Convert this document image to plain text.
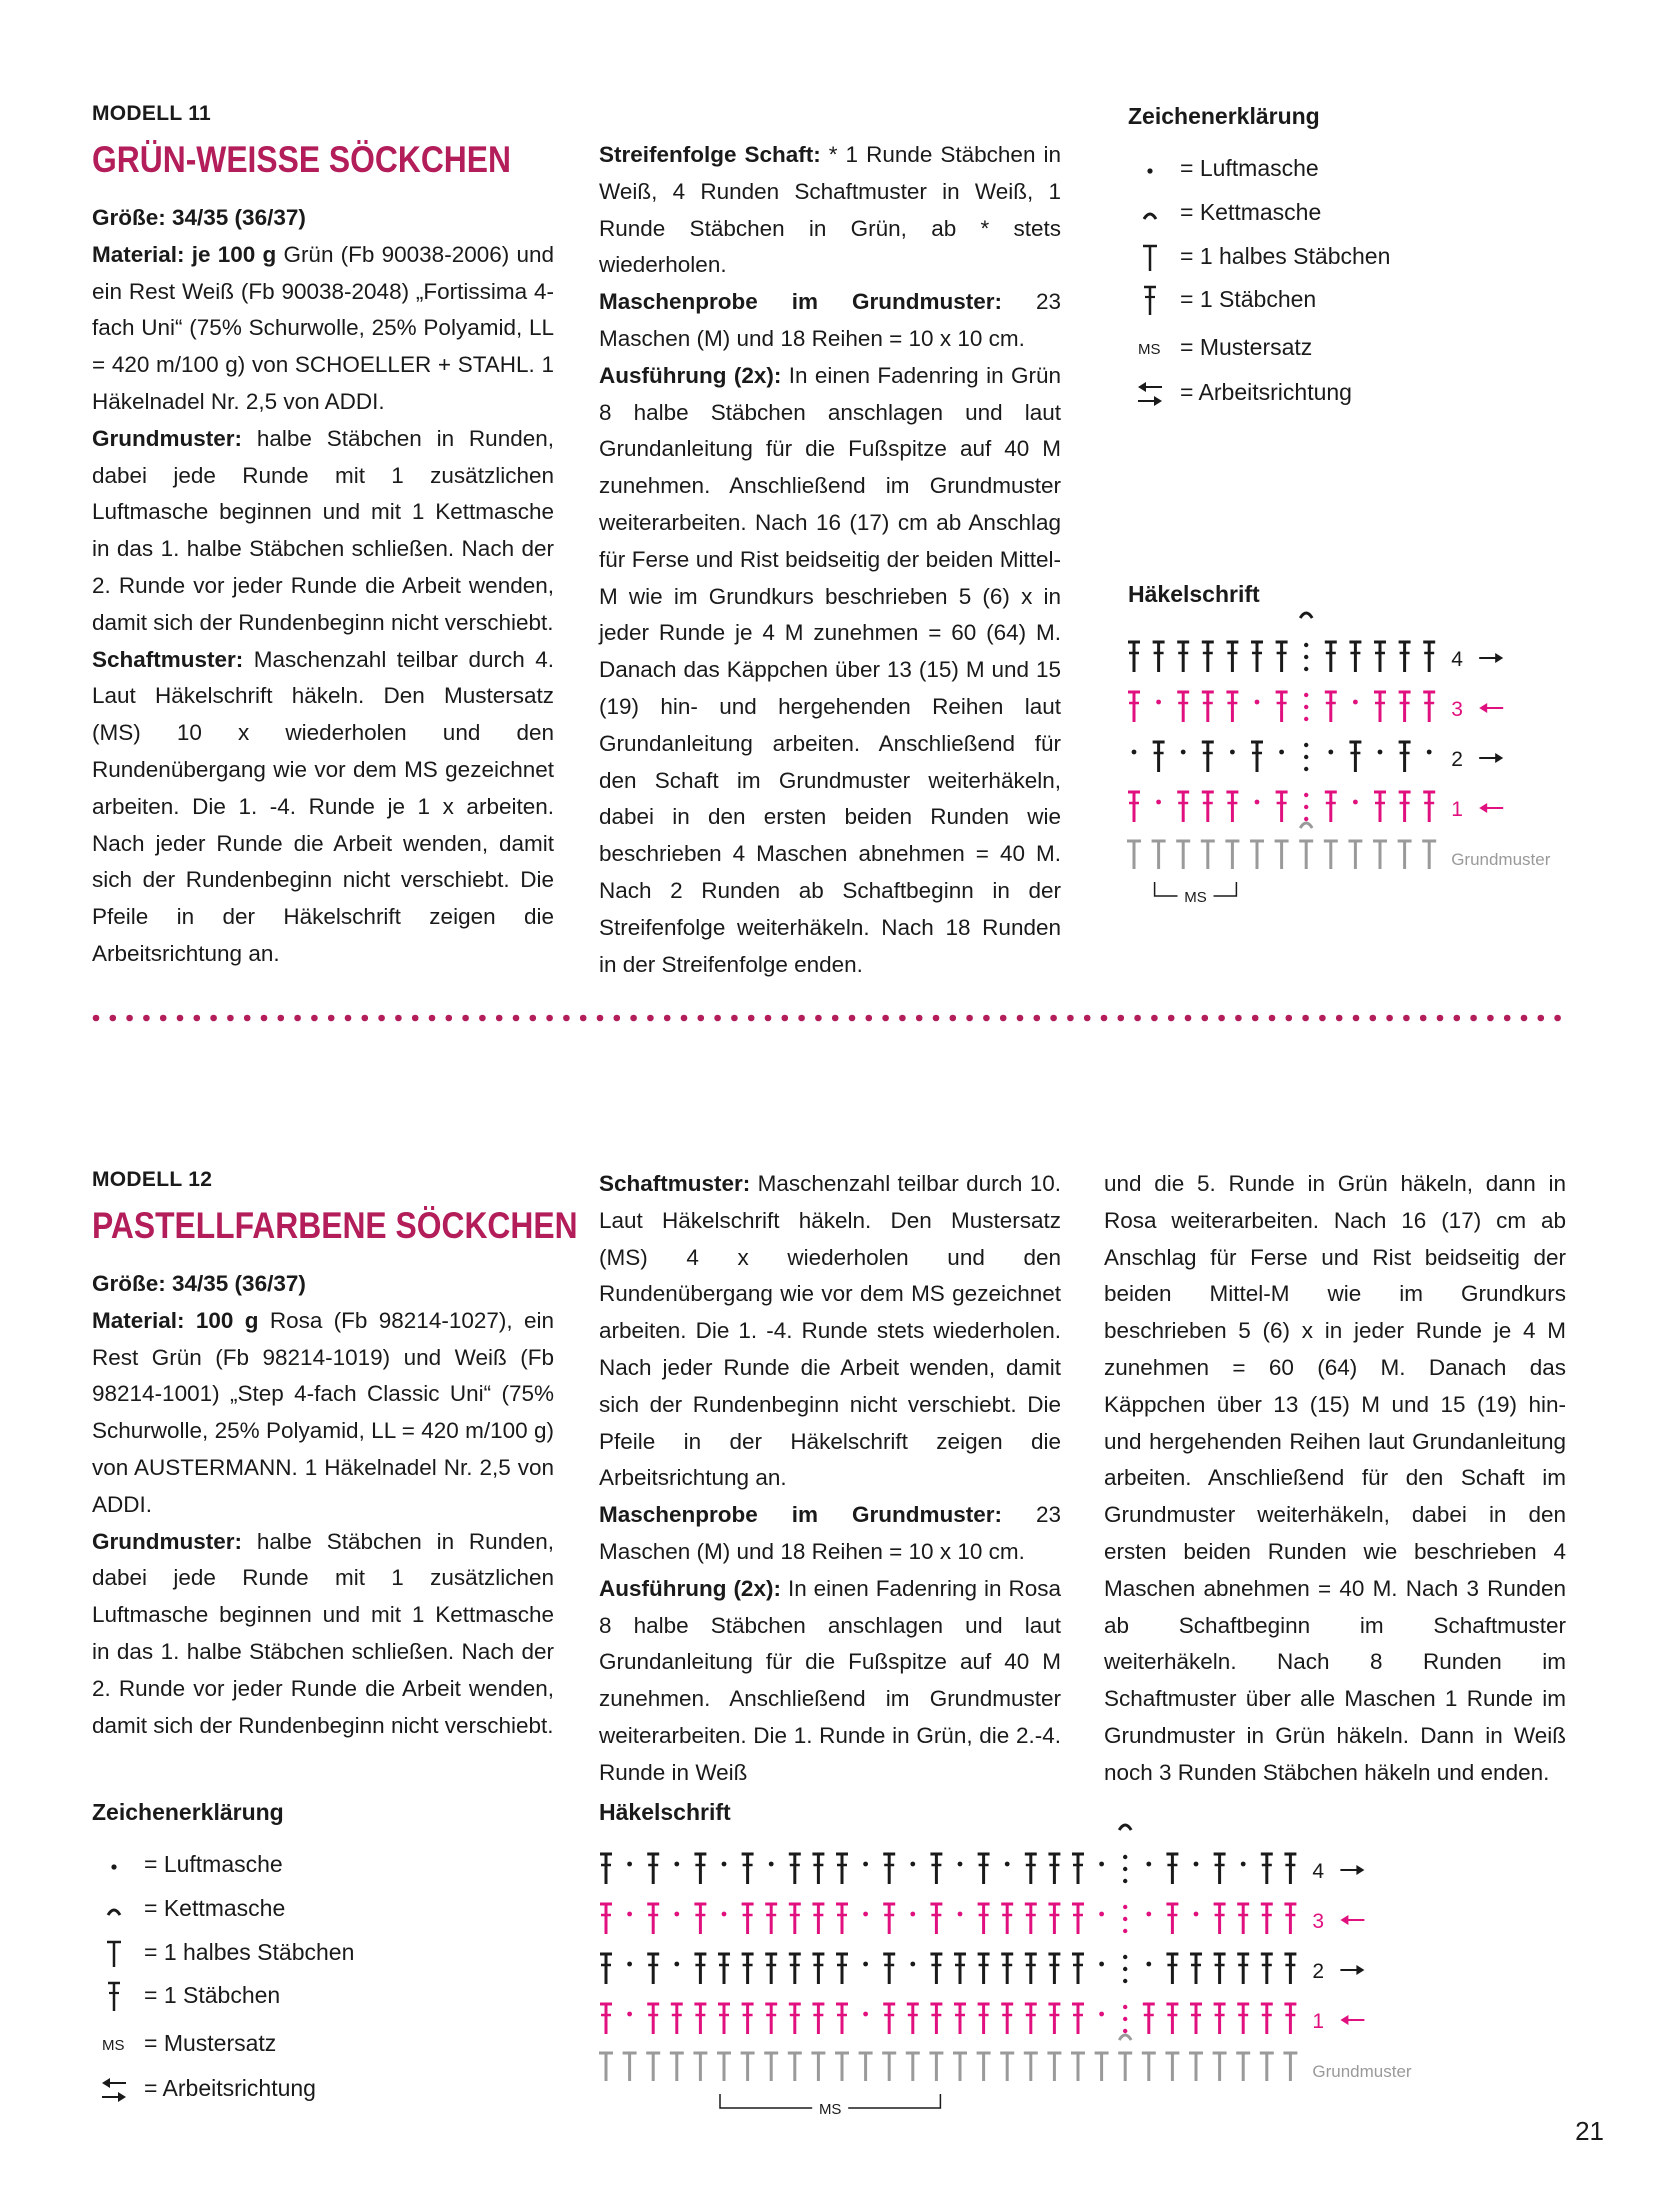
MODELL 11
GRÜN-WEISSE SÖCKCHEN

Größe: 34/35 (36/37)

Material: je 100 g Grün (Fb 90038-2006) und ein Rest Weiß (Fb 90038-2048) „Fortissima 4-fach Uni“ (75% Schurwolle, 25% Polyamid, LL = 420 m/100 g) von SCHOELLER + STAHL. 1 Häkelnadel Nr. 2,5 von ADDI.

Grundmuster: halbe Stäbchen in Runden, dabei jede Runde mit 1 zusätzlichen Luftmasche beginnen und mit 1 Kettmasche in das 1. halbe Stäbchen schließen. Nach der 2. Runde vor jeder Runde die Arbeit wenden, damit sich der Rundenbeginn nicht verschiebt.

Schaftmuster: Maschenzahl teilbar durch 4. Laut Häkelschrift häkeln. Den Mustersatz (MS) 10 x wiederholen und den Rundenübergang wie vor dem MS gezeichnet arbeiten. Die 1. -4. Runde je 1 x arbeiten. Nach jeder Runde die Arbeit wenden, damit sich der Rundenbeginn nicht verschiebt. Die Pfeile in der Häkelschrift zeigen die Arbeitsrichtung an.

Streifenfolge Schaft: * 1 Runde Stäbchen in Weiß, 4 Runden Schaftmuster in Weiß, 1 Runde Stäbchen in Grün, ab * stets wiederholen.

Maschenprobe im Grundmuster: 23 Maschen (M) und 18 Reihen = 10 x 10 cm.

Ausführung (2x): In einen Fadenring in Grün 8 halbe Stäbchen anschlagen und laut Grundanleitung für die Fußspitze auf 40 M zunehmen. Anschließend im Grundmuster weiterarbeiten. Nach 16 (17) cm ab Anschlag für Ferse und Rist beidseitig der beiden Mittel-M wie im Grundkurs beschrieben 5 (6) x in jeder Runde je 4 M zunehmen = 60 (64) M. Danach das Käppchen über 13 (15) M und 15 (19) hin- und hergehenden Reihen laut Grundanleitung arbeiten. Anschließend für den Schaft im Grundmuster weiterhäkeln, dabei in den ersten beiden Runden wie beschrieben 4 Maschen abnehmen = 40 M. Nach 2 Runden ab Schaftbeginn in der Streifenfolge weiterhäkeln. Nach 18 Runden in der Streifenfolge enden.

Zeichenerklärung
= Luftmasche
= Kettmasche
= 1 halbes Stäbchen
= 1 Stäbchen
MS = Mustersatz
= Arbeitsrichtung
Häkelschrift
4
3
2
1
Grundmuster
MS
MODELL 12
PASTELLFARBENE SÖCKCHEN

Größe: 34/35 (36/37)

Material: 100 g Rosa (Fb 98214-1027), ein Rest Grün (Fb 98214-1019) und Weiß (Fb 98214-1001) „Step 4-fach Classic Uni“ (75% Schurwolle, 25% Polyamid, LL = 420 m/100 g) von AUSTERMANN. 1 Häkelnadel Nr. 2,5 von ADDI.

Grundmuster: halbe Stäbchen in Runden, dabei jede Runde mit 1 zusätzlichen Luftmasche beginnen und mit 1 Kettmasche in das 1. halbe Stäbchen schließen. Nach der 2. Runde vor jeder Runde die Arbeit wenden, damit sich der Rundenbeginn nicht verschiebt.

Schaftmuster: Maschenzahl teilbar durch 10. Laut Häkelschrift häkeln. Den Mustersatz (MS) 4 x wiederholen und den Rundenübergang wie vor dem MS gezeichnet arbeiten. Die 1. -4. Runde stets wiederholen. Nach jeder Runde die Arbeit wenden, damit sich der Rundenbeginn nicht verschiebt. Die Pfeile in der Häkelschrift zeigen die Arbeitsrichtung an.

Maschenprobe im Grundmuster: 23 Maschen (M) und 18 Reihen = 10 x 10 cm.

Ausführung (2x): In einen Fadenring in Rosa 8 halbe Stäbchen anschlagen und laut Grundanleitung für die Fußspitze auf 40 M zunehmen. Anschließend im Grundmuster weiterarbeiten. Die 1. Runde in Grün, die 2.-4. Runde in Weiß

und die 5. Runde in Grün häkeln, dann in Rosa weiterarbeiten. Nach 16 (17) cm ab Anschlag für Ferse und Rist beidseitig der beiden Mittel-M wie im Grundkurs beschrieben 5 (6) x in jeder Runde je 4 M zunehmen = 60 (64) M. Danach das Käppchen über 13 (15) M und 15 (19) hin- und hergehenden Reihen laut Grundanleitung arbeiten. Anschließend für den Schaft im Grundmuster weiterhäkeln, dabei in den ersten beiden Runden wie beschrieben 4 Maschen abnehmen = 40 M. Nach 3 Runden ab Schaftbeginn im Schaftmuster weiterhäkeln. Nach 8 Runden im Schaftmuster über alle Maschen 1 Runde im Grundmuster in Grün häkeln. Dann in Weiß noch 3 Runden Stäbchen häkeln und enden.

Zeichenerklärung
= Luftmasche
= Kettmasche
= 1 halbes Stäbchen
= 1 Stäbchen
MS = Mustersatz
= Arbeitsrichtung
Häkelschrift
4
3
2
1
Grundmuster
MS
21
